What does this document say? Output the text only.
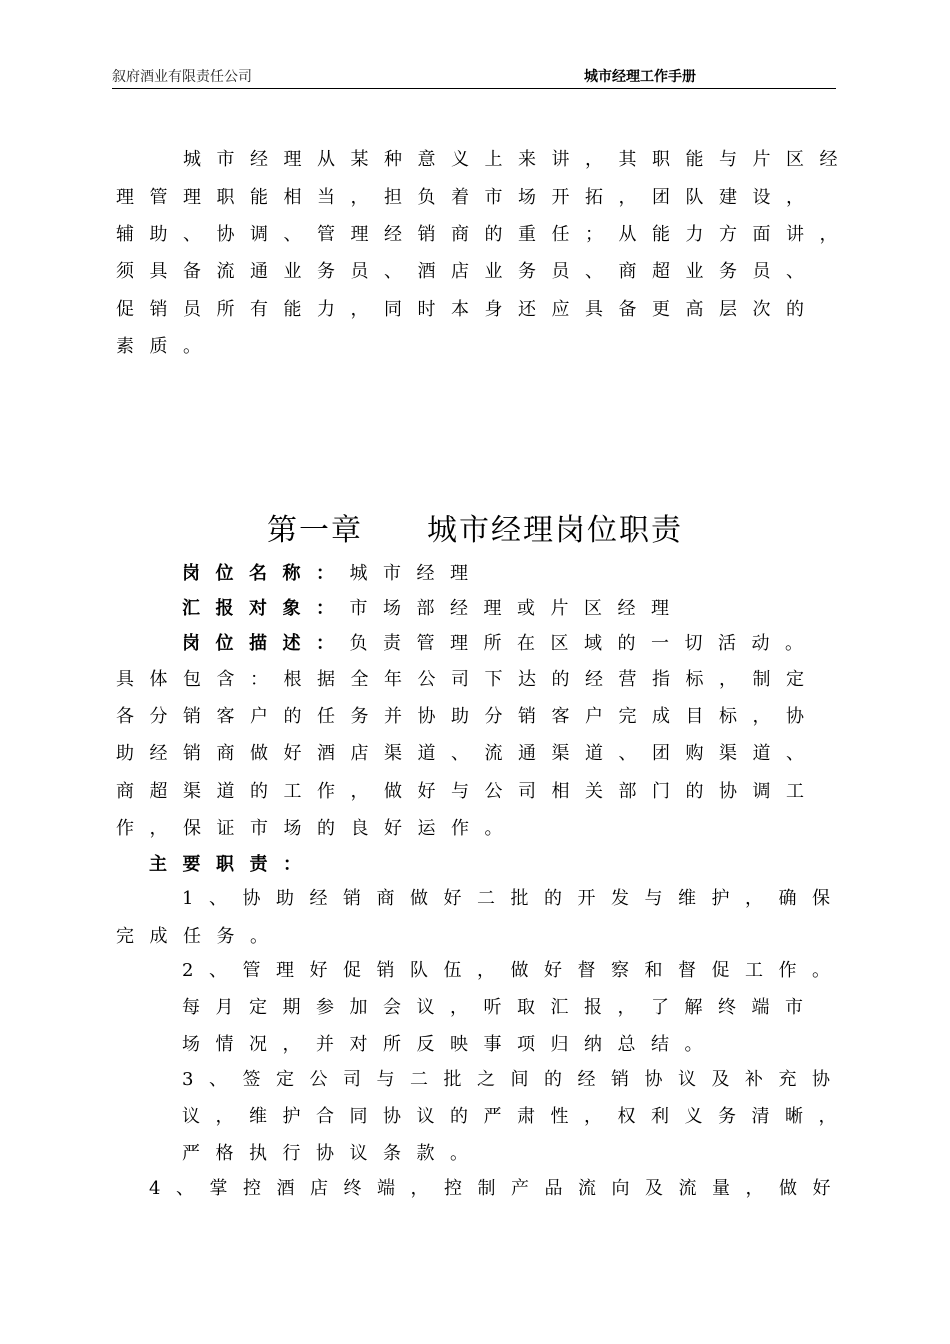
叙府酒业有限责任公司	城市经理工作手册
　　城市经理从某种意义上来讲，其职能与片区经
理管理职能相当，担负着市场开拓，团队建设，
辅助、协调、管理经销商的重任；从能力方面讲，
须具备流通业务员、酒店业务员、商超业务员、
促销员所有能力，同时本身还应具备更高层次的
素质。
第一章 城市经理岗位职责
岗位名称：城市经理
汇报对象：市场部经理或片区经理
岗位描述：负责管理所在区域的一切活动。
具体包含：根据全年公司下达的经营指标，制定
各分销客户的任务并协助分销客户完成目标，协
助经销商做好酒店渠道、流通渠道、团购渠道、
商超渠道的工作，做好与公司相关部门的协调工
作，保证市场的良好运作。
主要职责：
1、协助经销商做好二批的开发与维护，确保
完成任务。
2、管理好促销队伍，做好督察和督促工作。
每月定期参加会议，听取汇报，了解终端市
场情况，并对所反映事项归纳总结。
3、签定公司与二批之间的经销协议及补充协
议，维护合同协议的严肃性，权利义务清晰，
严格执行协议条款。
4、掌控酒店终端，控制产品流向及流量，做好
